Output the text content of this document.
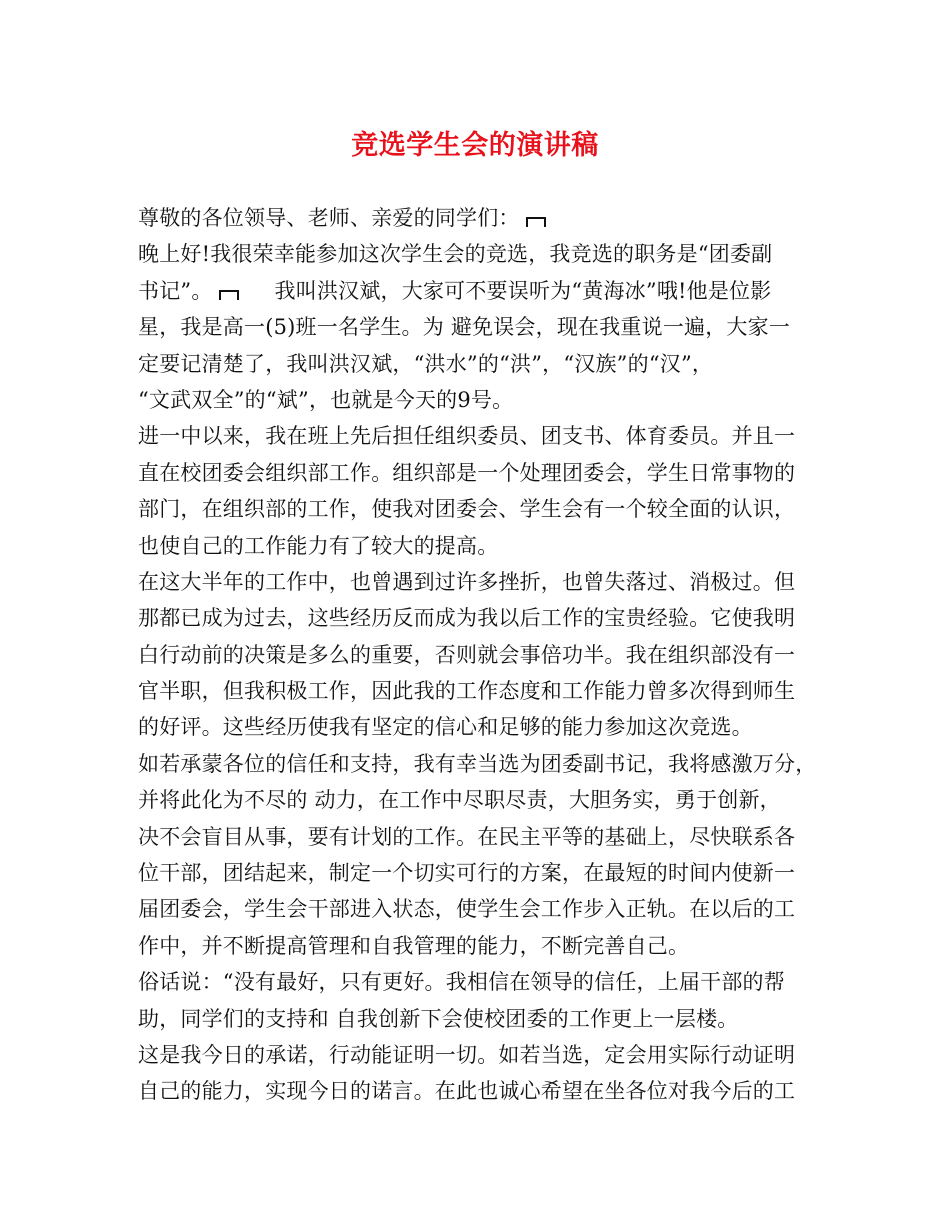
竞选学生会的演讲稿
尊敬的各位领导、老师、亲爱的同学们：
晚上好!我很荣幸能参加这次学生会的竞选，我竞选的职务是“团委副
书记”。	我叫洪汉斌，大家可不要误听为“黄海冰”哦!他是位影
星，我是高一(5)班一名学生。为 避免误会，现在我重说一遍，大家一
定要记清楚了，我叫洪汉斌，“洪水”的“洪”，“汉族”的“汉”，
“文武双全”的“斌”，也就是今天的9号。
进一中以来，我在班上先后担任组织委员、团支书、体育委员。并且一
直在校团委会组织部工作。组织部是一个处理团委会，学生日常事物的
部门，在组织部的工作，使我对团委会、学生会有一个较全面的认识，
也使自己的工作能力有了较大的提高。
在这大半年的工作中，也曾遇到过许多挫折，也曾失落过、消极过。但
那都已成为过去，这些经历反而成为我以后工作的宝贵经验。它使我明
白行动前的决策是多么的重要，否则就会事倍功半。我在组织部没有一
官半职，但我积极工作，因此我的工作态度和工作能力曾多次得到师生
的好评。这些经历使我有坚定的信心和足够的能力参加这次竞选。
如若承蒙各位的信任和支持，我有幸当选为团委副书记，我将感激万分，
并将此化为不尽的 动力，在工作中尽职尽责，大胆务实，勇于创新，
决不会盲目从事，要有计划的工作。在民主平等的基础上，尽快联系各
位干部，团结起来，制定一个切实可行的方案，在最短的时间内使新一
届团委会，学生会干部进入状态，使学生会工作步入正轨。在以后的工
作中，并不断提高管理和自我管理的能力，不断完善自己。
俗话说：“没有最好，只有更好。我相信在领导的信任，上届干部的帮
助，同学们的支持和 自我创新下会使校团委的工作更上一层楼。
这是我今日的承诺，行动能证明一切。如若当选，定会用实际行动证明
自己的能力，实现今日的诺言。在此也诚心希望在坐各位对我今后的工
